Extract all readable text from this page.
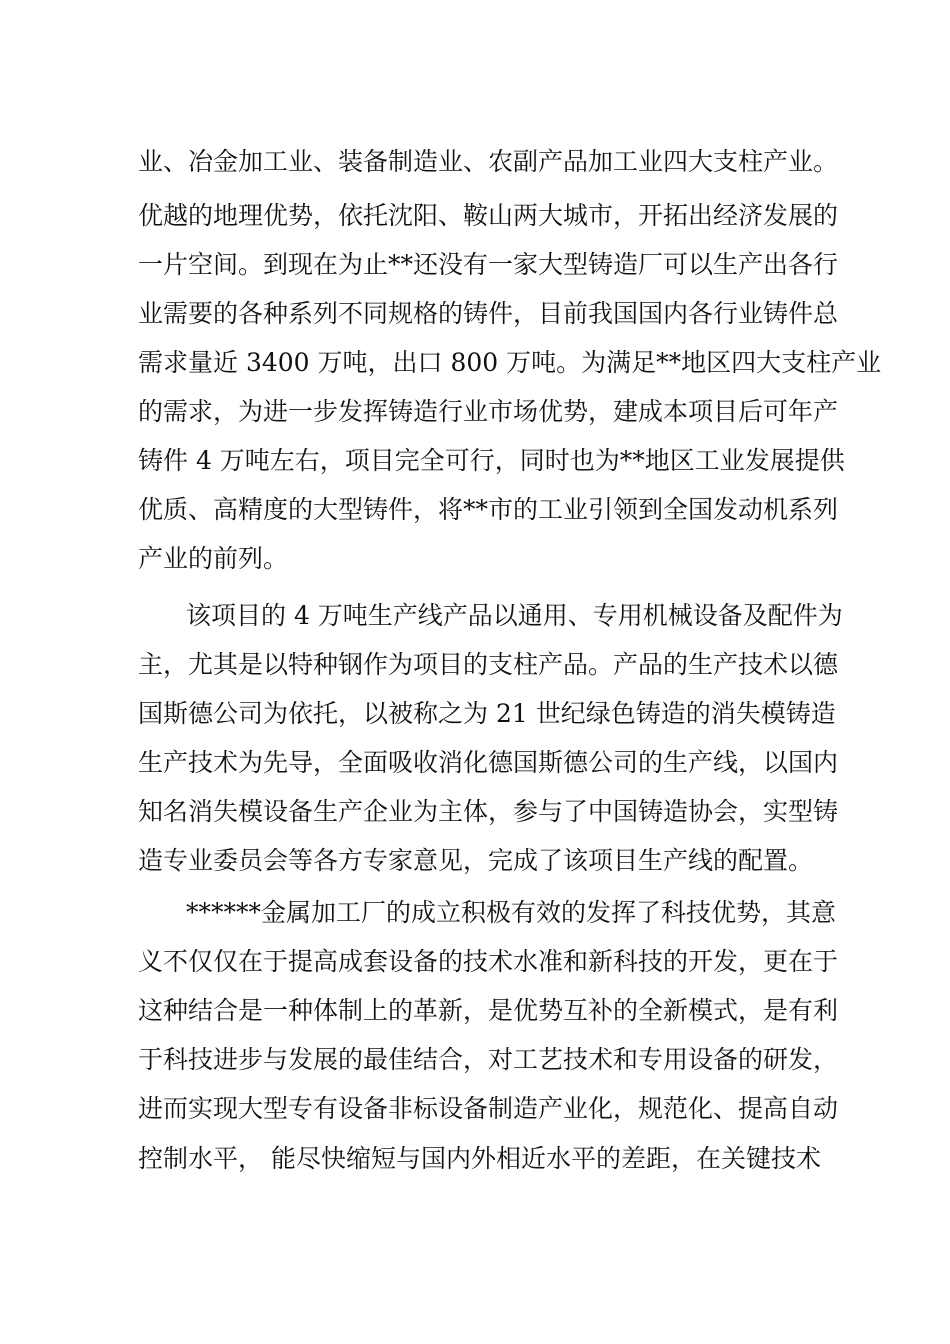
业、冶金加工业、装备制造业、农副产品加工业四大支柱产业。
优越的地理优势，依托沈阳、鞍山两大城市，开拓出经济发展的
一片空间。到现在为止**还没有一家大型铸造厂可以生产出各行
业需要的各种系列不同规格的铸件，目前我国国内各行业铸件总
需求量近 3400 万吨，出口 800 万吨。为满足**地区四大支柱产业
的需求，为进一步发挥铸造行业市场优势，建成本项目后可年产
铸件 4 万吨左右，项目完全可行，同时也为**地区工业发展提供
优质、高精度的大型铸件，将**市的工业引领到全国发动机系列
产业的前列。
该项目的 4 万吨生产线产品以通用、专用机械设备及配件为
主，尤其是以特种钢作为项目的支柱产品。产品的生产技术以德
国斯德公司为依托，以被称之为 21 世纪绿色铸造的消失模铸造
生产技术为先导，全面吸收消化德国斯德公司的生产线，以国内
知名消失模设备生产企业为主体，参与了中国铸造协会，实型铸
造专业委员会等各方专家意见，完成了该项目生产线的配置。
******金属加工厂的成立积极有效的发挥了科技优势，其意
义不仅仅在于提高成套设备的技术水准和新科技的开发，更在于
这种结合是一种体制上的革新，是优势互补的全新模式，是有利
于科技进步与发展的最佳结合，对工艺技术和专用设备的研发，
进而实现大型专有设备非标设备制造产业化，规范化、提高自动
控制水平， 能尽快缩短与国内外相近水平的差距，在关键技术
